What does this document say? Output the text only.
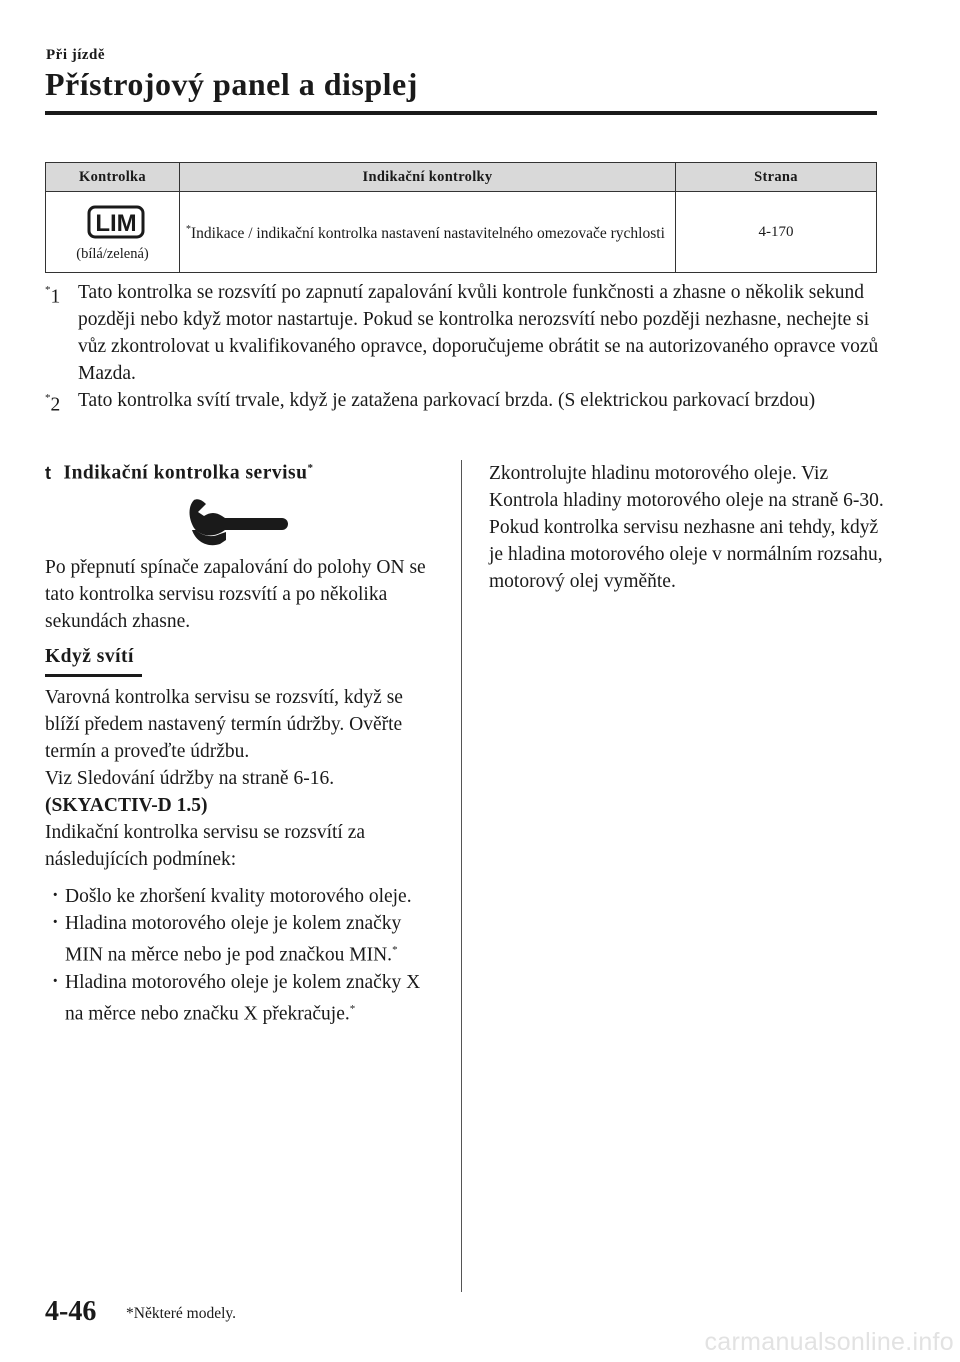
Při jízdě
Přístrojový panel a displej
Kontrolka	Indikační kontrolky	Strana

LIM
(bílá/zelená)	*Indikace / indikační kontrolka nastavení nastavitelného omezovače rychlosti	4-170
*1 Tato kontrolka se rozsvítí po zapnutí zapalování kvůli kontrole funkčnosti a zhasne o několik sekund později nebo když motor nastartuje. Pokud se kontrolka nerozsvítí nebo později nezhasne, nechejte si vůz zkontrolovat u kvalifikovaného opravce, doporučujeme obrátit se na autorizovaného opravce vozů Mazda.

*2 Tato kontrolka svítí trvale, když je zatažena parkovací brzda. (S elektrickou parkovací brzdou)

t Indikační kontrolka servisu*
Po přepnutí spínače zapalování do polohy ON se tato kontrolka servisu rozsvítí a po několika sekundách zhasne.
Když svítí

Varovná kontrolka servisu se rozsvítí, když se blíží předem nastavený termín údržby. Ověřte termín a proveďte údržbu.

Viz Sledování údržby na straně 6-16.

(SKYACTIV-D 1.5)

Indikační kontrolka servisu se rozsvítí za následujících podmínek:

· Došlo ke zhoršení kvality motorového oleje.
· Hladina motorového oleje je kolem značky MIN na měrce nebo je pod značkou MIN.*
· Hladina motorového oleje je kolem značky X na měrce nebo značku X překračuje.*

Zkontrolujte hladinu motorového oleje. Viz Kontrola hladiny motorového oleje na straně 6-30.

Pokud kontrolka servisu nezhasne ani tehdy, když je hladina motorového oleje v normálním rozsahu, motorový olej vyměňte.

4-46 *Některé modely.
carmanualsonline.info
